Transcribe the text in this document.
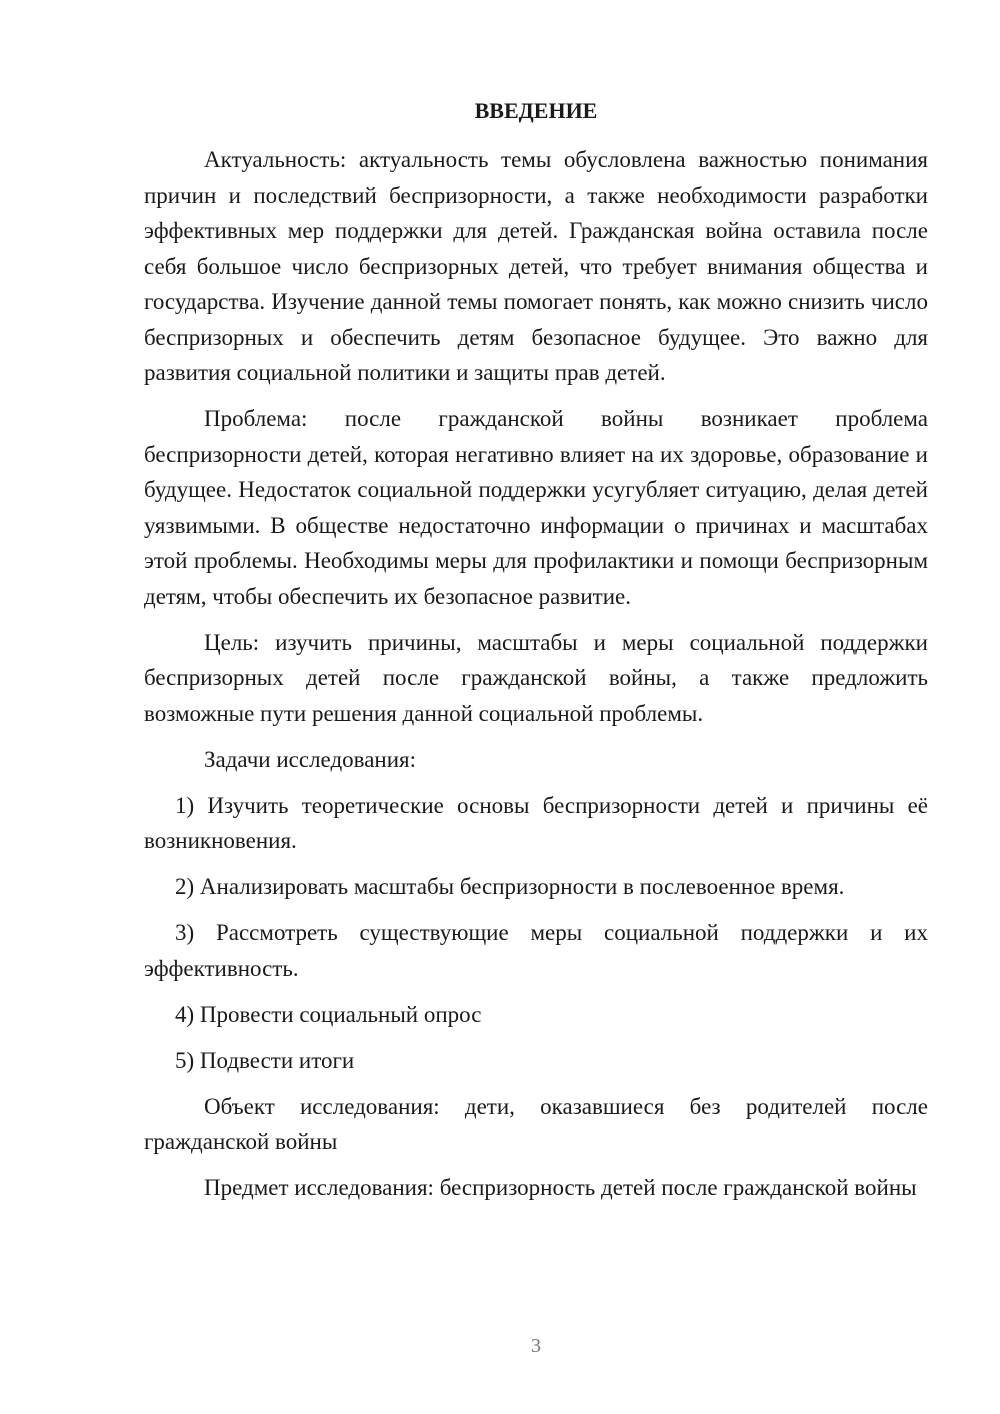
ВВЕДЕНИЕ

Актуальность: актуальность темы обусловлена важностью понимания причин и последствий беспризорности, а также необходимости разработки эффективных мер поддержки для детей. Гражданская война оставила после себя большое число беспризорных детей, что требует внимания общества и государства. Изучение данной темы помогает понять, как можно снизить число беспризорных и обеспечить детям безопасное будущее. Это важно для развития социальной политики и защиты прав детей.

Проблема: после гражданской войны возникает проблема беспризорности детей, которая негативно влияет на их здоровье, образование и будущее. Недостаток социальной поддержки усугубляет ситуацию, делая детей уязвимыми. В обществе недостаточно информации о причинах и масштабах этой проблемы. Необходимы меры для профилактики и помощи беспризорным детям, чтобы обеспечить их безопасное развитие.

Цель: изучить причины, масштабы и меры социальной поддержки беспризорных детей после гражданской войны, а также предложить возможные пути решения данной социальной проблемы.

Задачи исследования:

1) Изучить теоретические основы беспризорности детей и причины её возникновения.

2) Анализировать масштабы беспризорности в послевоенное время.

3) Рассмотреть существующие меры социальной поддержки и их эффективность.

4) Провести социальный опрос

5) Подвести итоги

Объект исследования: дети, оказавшиеся без родителей после гражданской войны

Предмет исследования: беспризорность детей после гражданской войны

3
